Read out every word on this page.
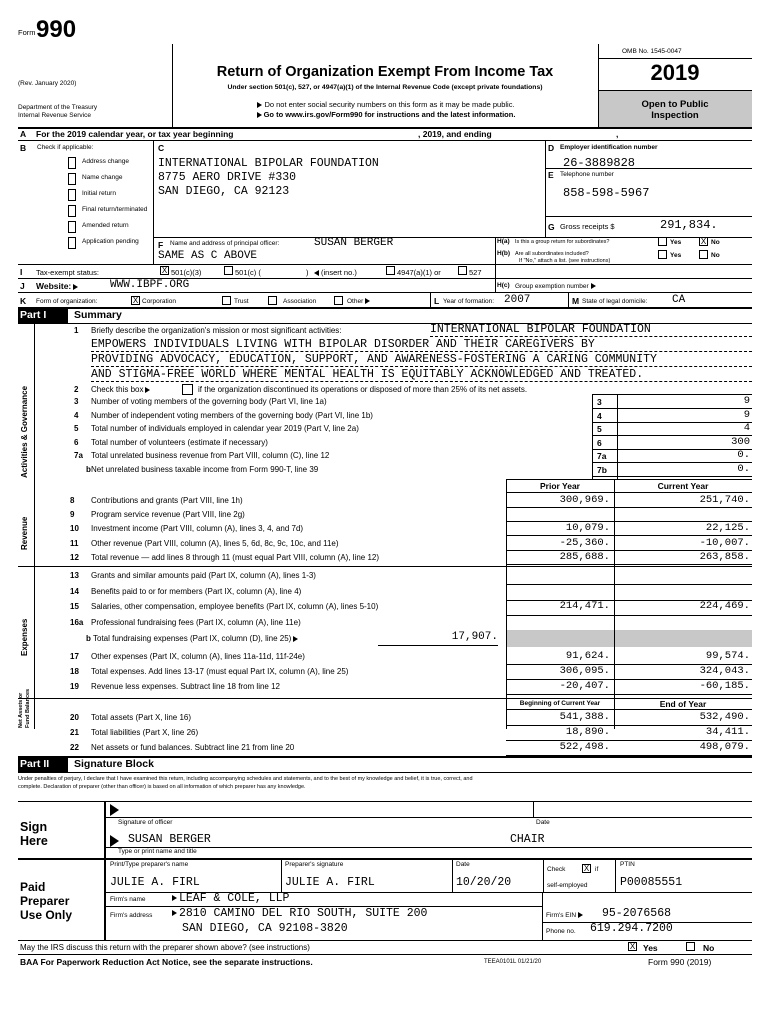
Form 990
(Rev. January 2020)
Department of the Treasury
Internal Revenue Service
Return of Organization Exempt From Income Tax
Under section 501(c), 527, or 4947(a)(1) of the Internal Revenue Code (except private foundations)
Do not enter social security numbers on this form as it may be made public.
Go to www.irs.gov/Form990 for instructions and the latest information.
OMB No. 1545-0047
2019
Open to Public
Inspection
A For the 2019 calendar year, or tax year beginning	, 2019, and ending	,
B Check if applicable:
Address change
Name change
Initial return
Final return/terminated
Amended return
Application pending
C
INTERNATIONAL BIPOLAR FOUNDATION
8775 AERO DRIVE #330
SAN DIEGO, CA 92123
D Employer identification number
26-3889828
E Telephone number
858-598-5967
G Gross receipts $	291,834.
F Name and address of principal officer:	SUSAN BERGER
SAME AS C ABOVE
H(a) Is this a group return for subordinates?	Yes X No
H(b) Are all subordinates included?
If "No," attach a list. (see instructions)
Yes	No
I Tax-exempt status:	X 501(c)(3)	501(c) (	)	(insert no.)	4947(a)(1) or	527
J Website:	WWW.IBPF.ORG	H(c) Group exemption number
K Form of organization:	X Corporation	Trust	Association	Other	L Year of formation: 2007	M State of legal domicile: CA
Part I	Summary
Activities & Governance
Revenue
Expenses
Net Assets or Fund Balances
1 Briefly describe the organization's mission or most significant activities:	INTERNATIONAL BIPOLAR FOUNDATION
EMPOWERS INDIVIDUALS LIVING WITH BIPOLAR DISORDER AND THEIR CAREGIVERS BY
PROVIDING ADVOCACY, EDUCATION, SUPPORT, AND AWARENESS-FOSTERING A CARING COMMUNITY
AND STIGMA-FREE WORLD WHERE MENTAL HEALTH IS EQUITABLY ACKNOWLEDGED AND TREATED.
2 Check this box	if the organization discontinued its operations or disposed of more than 25% of its net assets.
3 Number of voting members of the governing body (Part VI, line 1a)	3	9
4 Number of independent voting members of the governing body (Part VI, line 1b)	4	9
5 Total number of individuals employed in calendar year 2019 (Part V, line 2a)	5	4
6 Total number of volunteers (estimate if necessary)	6	300
7a Total unrelated business revenue from Part VIII, column (C), line 12	7a	0.
b Net unrelated business taxable income from Form 990-T, line 39	7b	0.
Prior Year	Current Year
8 Contributions and grants (Part VIII, line 1h)	300,969.	251,740.
9 Program service revenue (Part VIII, line 2g)
10 Investment income (Part VIII, column (A), lines 3, 4, and 7d)	10,079.	22,125.
11 Other revenue (Part VIII, column (A), lines 5, 6d, 8c, 9c, 10c, and 11e)	-25,360.	-10,007.
12 Total revenue — add lines 8 through 11 (must equal Part VIII, column (A), line 12)	285,688.	263,858.
13 Grants and similar amounts paid (Part IX, column (A), lines 1-3)
14 Benefits paid to or for members (Part IX, column (A), line 4)
15 Salaries, other compensation, employee benefits (Part IX, column (A), lines 5-10)	214,471.	224,469.
16a Professional fundraising fees (Part IX, column (A), line 11e)
b Total fundraising expenses (Part IX, column (D), line 25)	17,907.
17 Other expenses (Part IX, column (A), lines 11a-11d, 11f-24e)	91,624.	99,574.
18 Total expenses. Add lines 13-17 (must equal Part IX, column (A), line 25)	306,095.	324,043.
19 Revenue less expenses. Subtract line 18 from line 12	-20,407.	-60,185.
Beginning of Current Year	End of Year
20 Total assets (Part X, line 16)	541,388.	532,490.
21 Total liabilities (Part X, line 26)	18,890.	34,411.
22 Net assets or fund balances. Subtract line 21 from line 20	522,498.	498,079.
Part II Signature Block
Under penalties of perjury, I declare that I have examined this return, including accompanying schedules and statements, and to the best of my knowledge and belief, it is true, correct, and
complete. Declaration of preparer (other than officer) is based on all information of which preparer has any knowledge.
Sign
Here
Signature of officer	Date
SUSAN BERGER	CHAIR
Type or print name and title
Paid
Preparer
Use Only
Print/Type preparer's name	Preparer's signature	Date
Check X if
self-employed
PTIN
JULIE A. FIRL	JULIE A. FIRL	10/20/20	P00085551
Firm's name	LEAF & COLE, LLP
Firm's address	2810 CAMINO DEL RIO SOUTH, SUITE 200
SAN DIEGO, CA 92108-3820
Firm's EIN	95-2076568
Phone no. 619.294.7200
May the IRS discuss this return with the preparer shown above? (see instructions)	X Yes	No
BAA For Paperwork Reduction Act Notice, see the separate instructions.	TEEA0101L 01/21/20	Form 990 (2019)
